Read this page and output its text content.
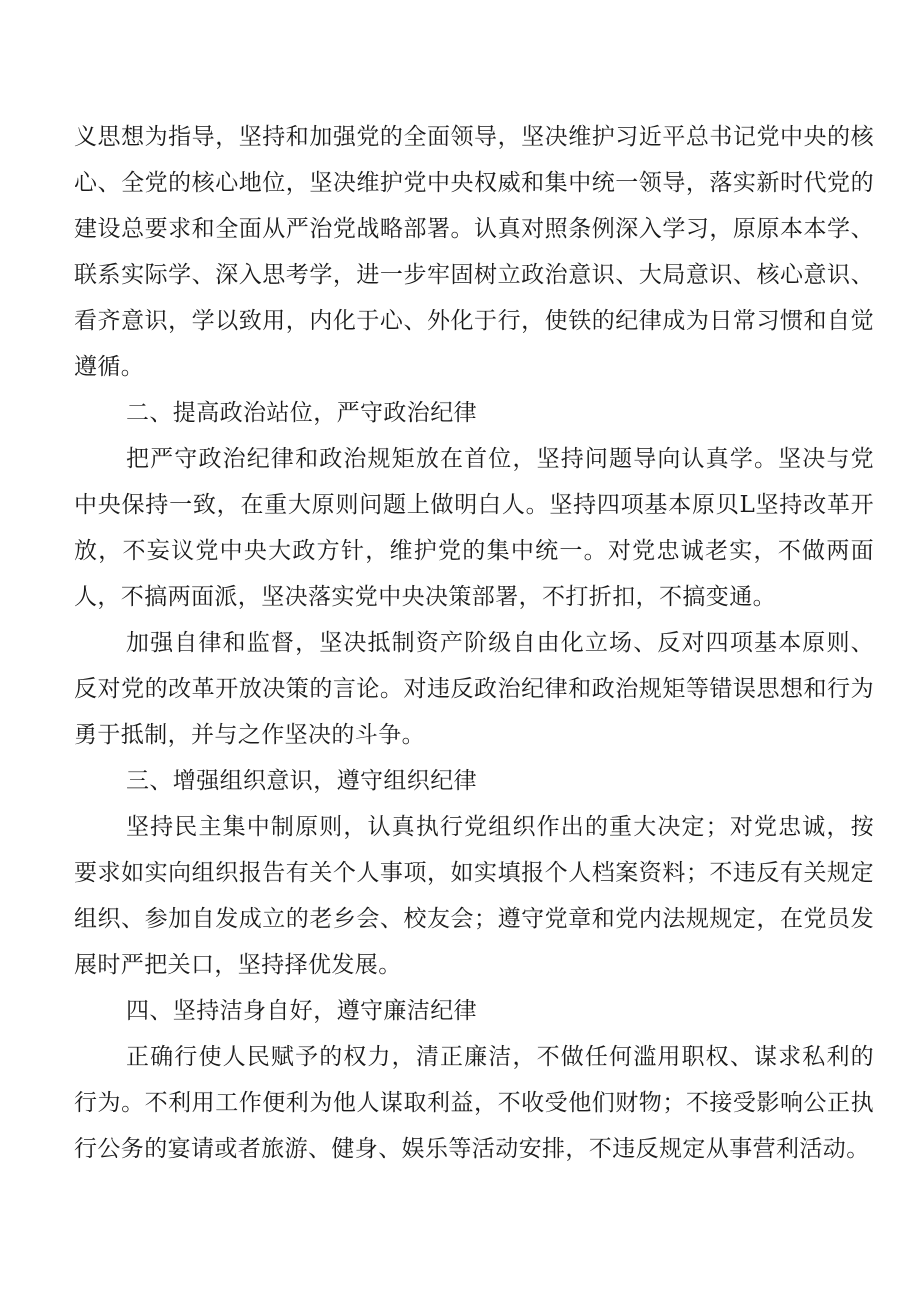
义思想为指导，坚持和加强党的全面领导，坚决维护习近平总书记党中央的核心、全党的核心地位，坚决维护党中央权威和集中统一领导，落实新时代党的建设总要求和全面从严治党战略部署。认真对照条例深入学习，原原本本学、联系实际学、深入思考学，进一步牢固树立政治意识、大局意识、核心意识、看齐意识，学以致用，内化于心、外化于行，使铁的纪律成为日常习惯和自觉遵循。

二、提高政治站位，严守政治纪律

把严守政治纪律和政治规矩放在首位，坚持问题导向认真学。坚决与党中央保持一致，在重大原则问题上做明白人。坚持四项基本原贝L坚持改革开放，不妄议党中央大政方针，维护党的集中统一。对党忠诚老实，不做两面人，不搞两面派，坚决落实党中央决策部署，不打折扣，不搞变通。

加强自律和监督，坚决抵制资产阶级自由化立场、反对四项基本原则、反对党的改革开放决策的言论。对违反政治纪律和政治规矩等错误思想和行为勇于抵制，并与之作坚决的斗争。

三、增强组织意识，遵守组织纪律

坚持民主集中制原则，认真执行党组织作出的重大决定；对党忠诚，按要求如实向组织报告有关个人事项，如实填报个人档案资料；不违反有关规定组织、参加自发成立的老乡会、校友会；遵守党章和党内法规规定，在党员发展时严把关口，坚持择优发展。

四、坚持洁身自好，遵守廉洁纪律

正确行使人民赋予的权力，清正廉洁，不做任何滥用职权、谋求私利的行为。不利用工作便利为他人谋取利益，不收受他们财物；不接受影响公正执行公务的宴请或者旅游、健身、娱乐等活动安排，不违反规定从事营利活动。
